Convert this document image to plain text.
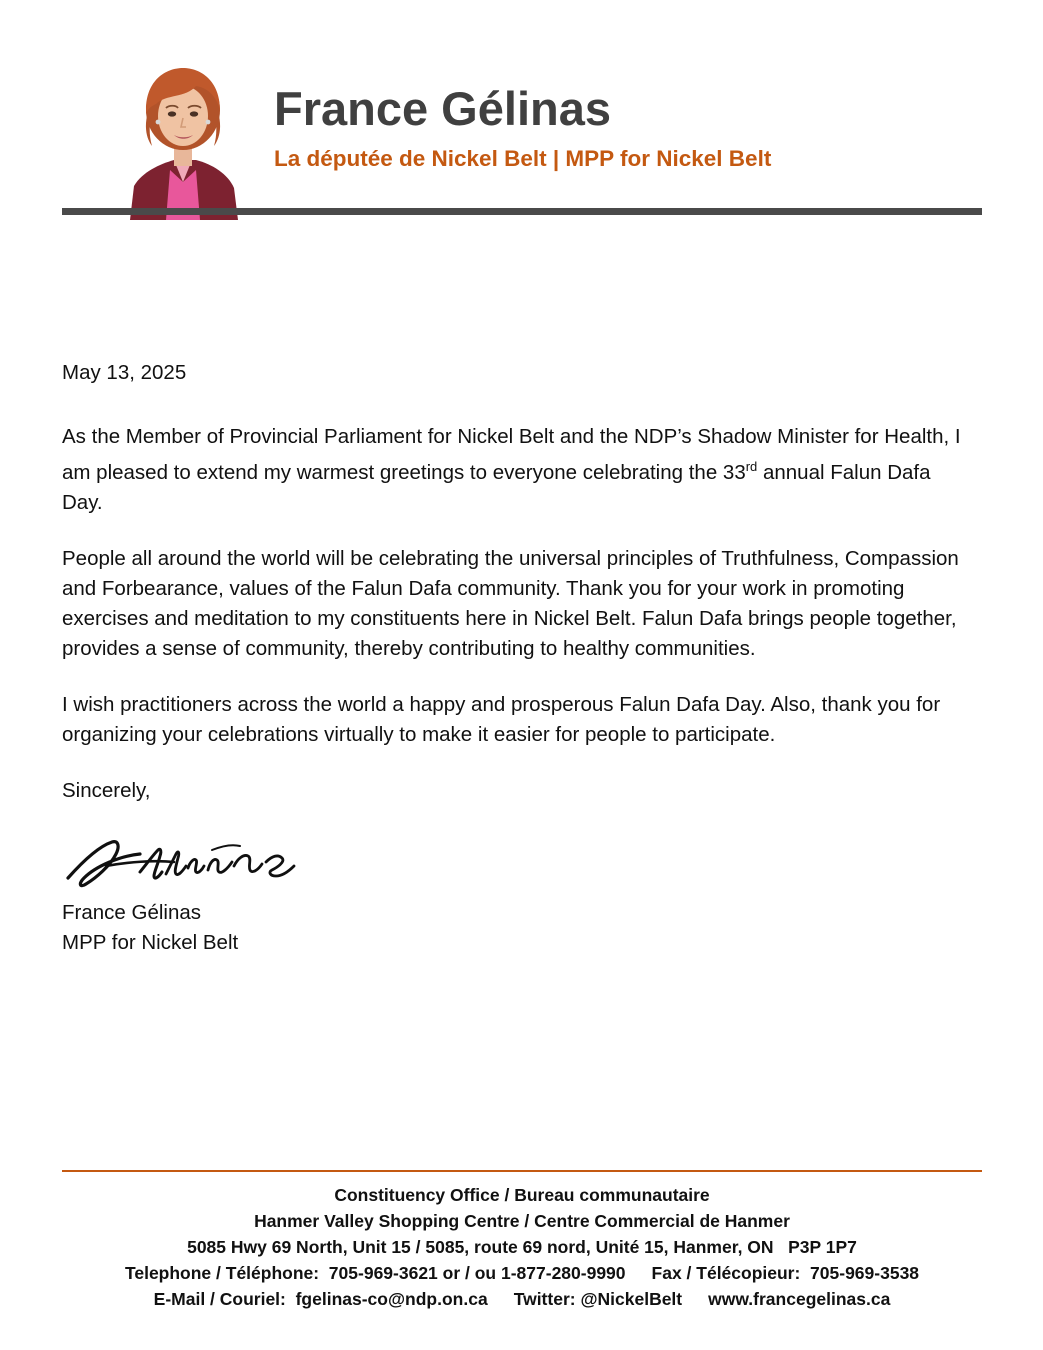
France Gélinas
La députée de Nickel Belt | MPP for Nickel Belt

May 13, 2025

As the Member of Provincial Parliament for Nickel Belt and the NDP’s Shadow Minister for Health, I am pleased to extend my warmest greetings to everyone celebrating the 33rd annual Falun Dafa Day.

People all around the world will be celebrating the universal principles of Truthfulness, Compassion and Forbearance, values of the Falun Dafa community. Thank you for your work in promoting exercises and meditation to my constituents here in Nickel Belt. Falun Dafa brings people together, provides a sense of community, thereby contributing to healthy communities.

I wish practitioners across the world a happy and prosperous Falun Dafa Day. Also, thank you for organizing your celebrations virtually to make it easier for people to participate.

Sincerely,

France Gélinas
MPP for Nickel Belt
Constituency Office / Bureau communautaire
Hanmer Valley Shopping Centre / Centre Commercial de Hanmer
5085 Hwy 69 North, Unit 15 / 5085, route 69 nord, Unité 15, Hanmer, ON   P3P 1P7
Telephone / Téléphone:  705-969-3621 or / ou 1-877-280-9990 Fax / Télécopieur:  705-969-3538
E-Mail / Couriel:  fgelinas-co@ndp.on.ca Twitter: @NickelBelt www.francegelinas.ca
